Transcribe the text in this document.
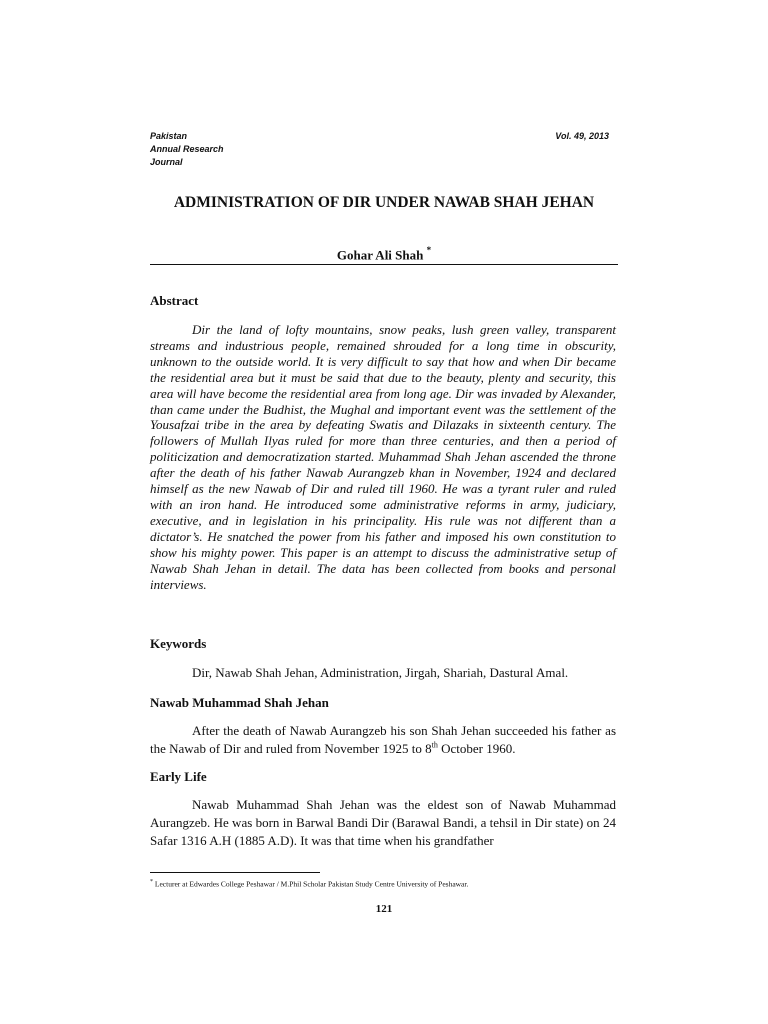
Pakistan
Annual Research
Journal
Vol. 49, 2013
ADMINISTRATION OF DIR UNDER NAWAB SHAH JEHAN
Gohar Ali Shah *
Abstract

Dir the land of lofty mountains, snow peaks, lush green valley, transparent streams and industrious people, remained shrouded for a long time in obscurity, unknown to the outside world. It is very difficult to say that how and when Dir became the residential area but it must be said that due to the beauty, plenty and security, this area will have become the residential area from long age. Dir was invaded by Alexander, than came under the Budhist, the Mughal and important event was the settlement of the Yousafzai tribe in the area by defeating Swatis and Dilazaks in sixteenth century. The followers of Mullah Ilyas ruled for more than three centuries, and then a period of politicization and democratization started. Muhammad Shah Jehan ascended the throne after the death of his father Nawab Aurangzeb khan in November, 1924 and declared himself as the new Nawab of Dir and ruled till 1960. He was a tyrant ruler and ruled with an iron hand. He introduced some administrative reforms in army, judiciary, executive, and in legislation in his principality. His rule was not different than a dictator’s. He snatched the power from his father and imposed his own constitution to show his mighty power. This paper is an attempt to discuss the administrative setup of Nawab Shah Jehan in detail. The data has been collected from books and personal interviews.

Keywords
Dir, Nawab Shah Jehan, Administration, Jirgah, Shariah, Dastural Amal.
Nawab Muhammad Shah Jehan

After the death of Nawab Aurangzeb his son Shah Jehan succeeded his father as the Nawab of Dir and ruled from November 1925 to 8th October 1960.

Early Life

Nawab Muhammad Shah Jehan was the eldest son of Nawab Muhammad Aurangzeb. He was born in Barwal Bandi Dir (Barawal Bandi, a tehsil in Dir state) on 24 Safar 1316 A.H (1885 A.D). It was that time when his grandfather

* Lecturer at Edwardes College Peshawar / M.Phil Scholar Pakistan Study Centre University of Peshawar.
121
